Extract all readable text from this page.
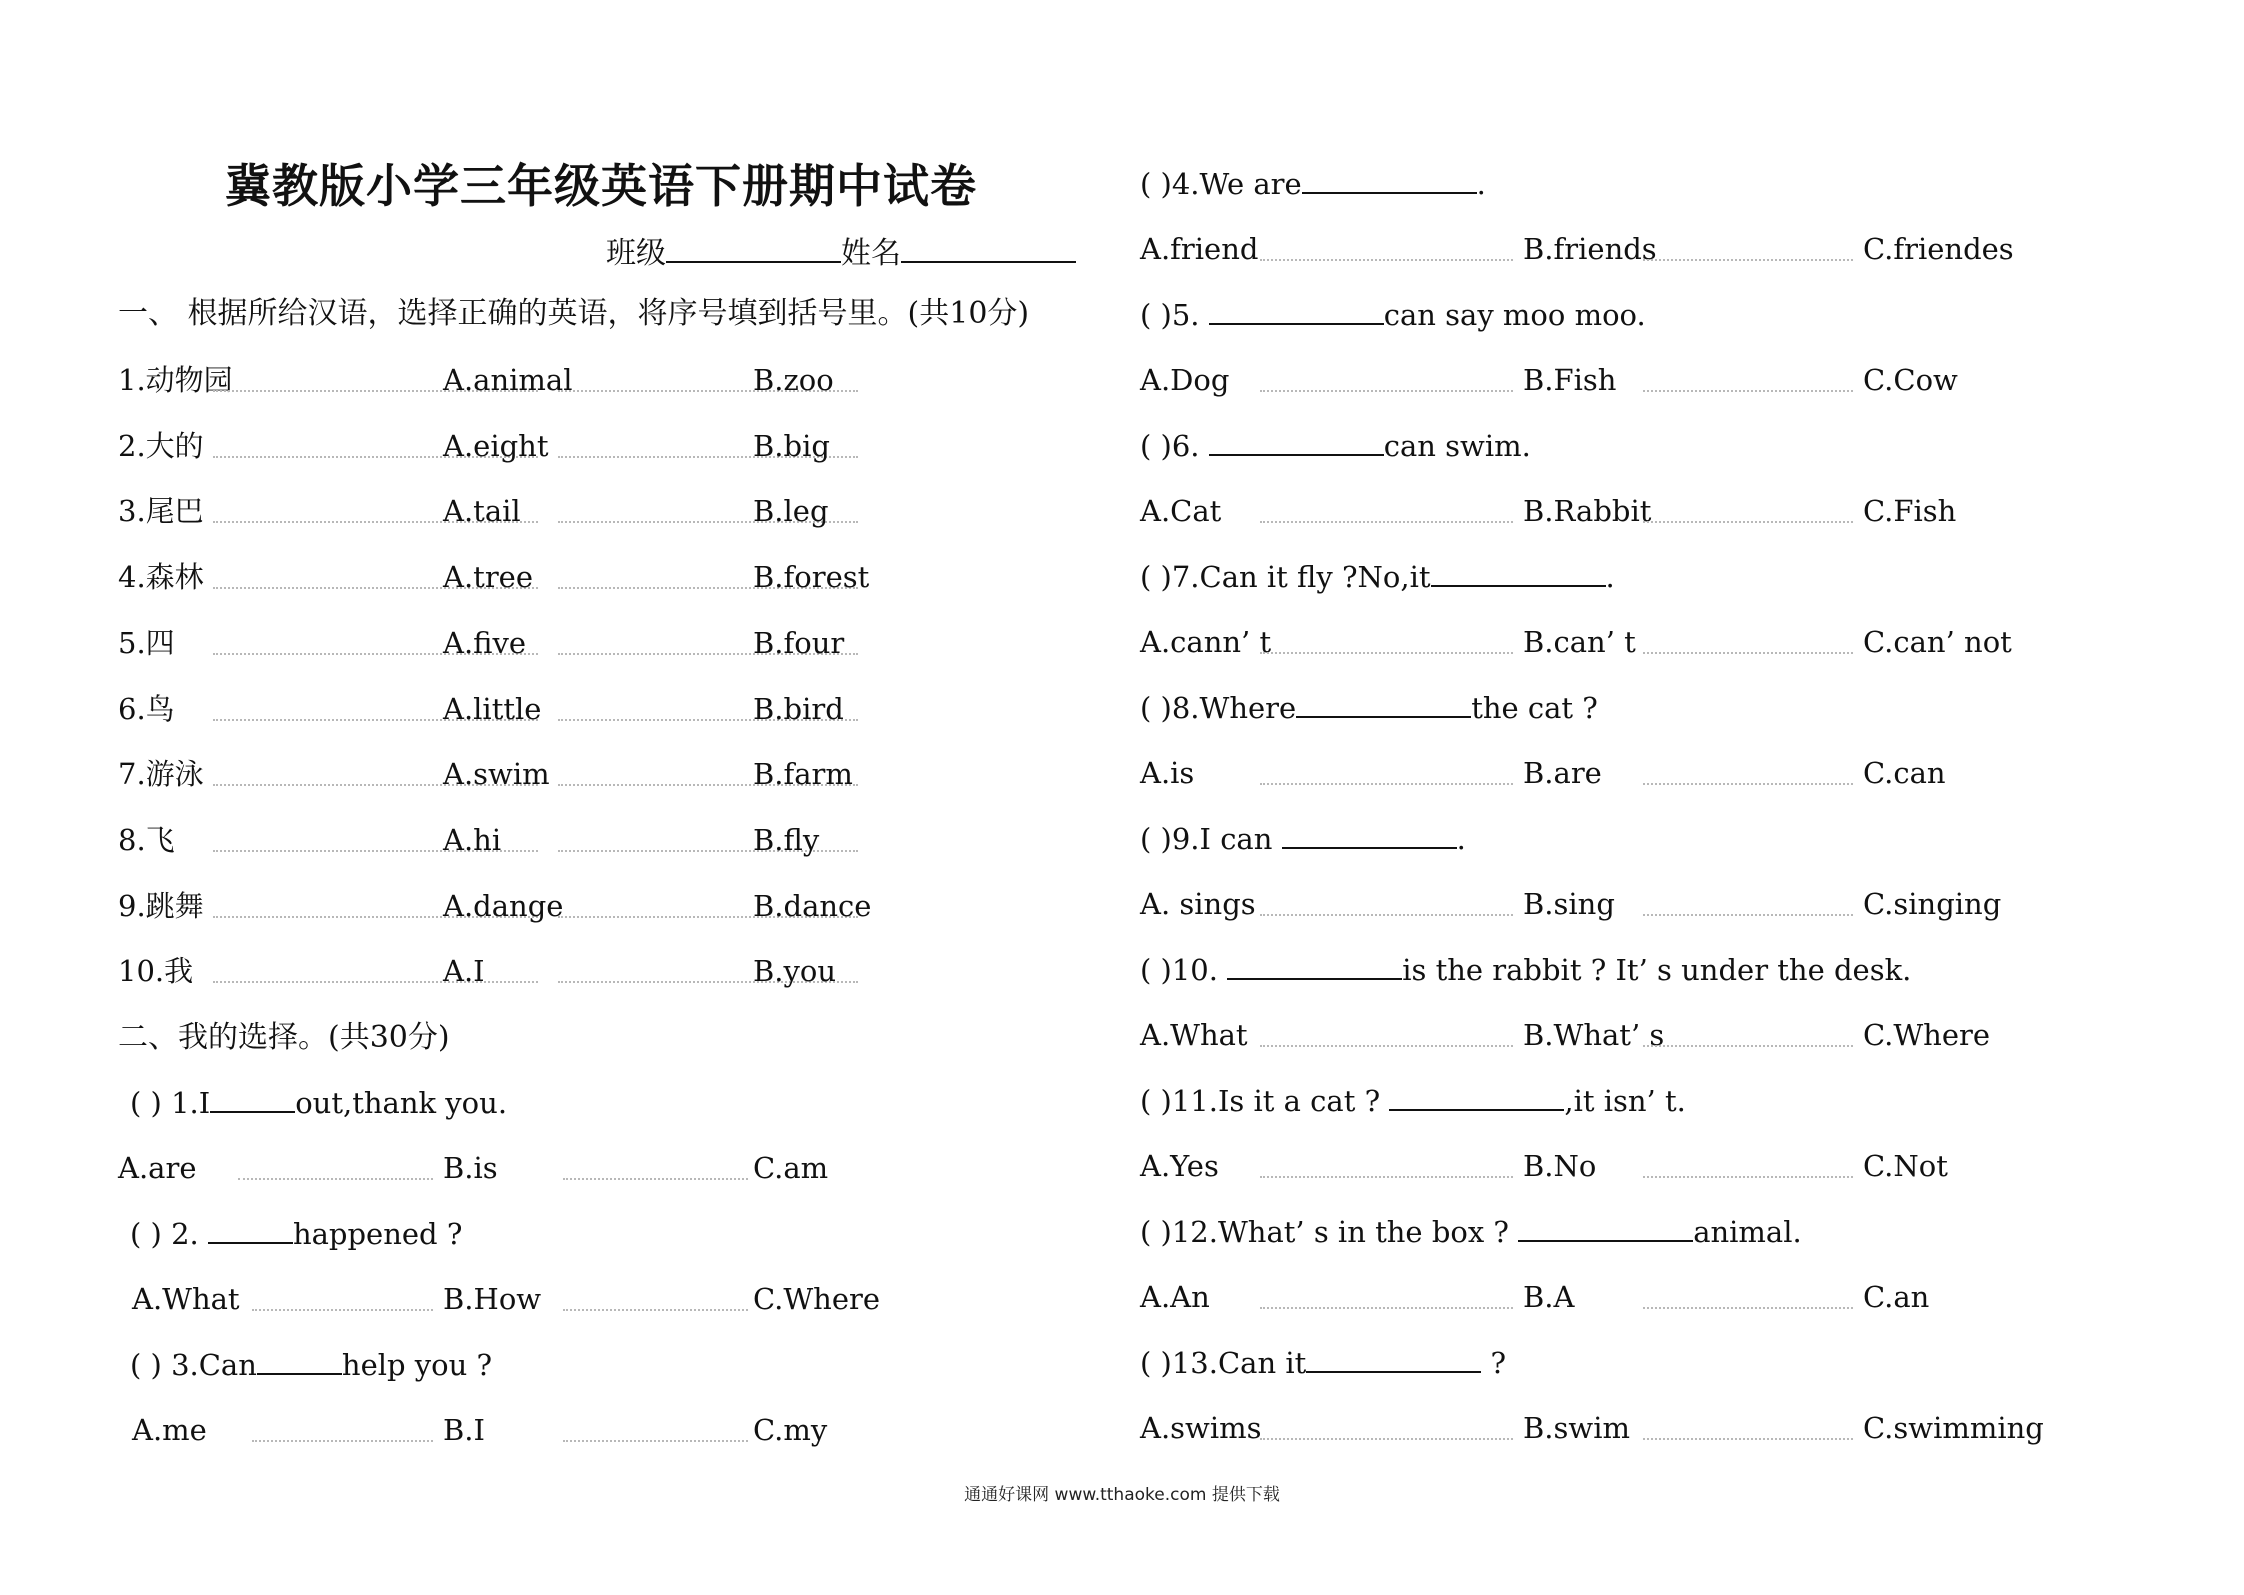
冀教版小学三年级英语下册期中试卷
班级	姓名
一、 根据所给汉语，选择正确的英语，将序号填到括号里。(共10分)
1.动物园	A.animal	B.zoo
2.大的	A.eight	B.big
3.尾巴	A.tail	B.leg
4.森林	A.tree	B.forest
5.四	A.five	B.four
6.鸟	A.little	B.bird
7.游泳	A.swim	B.farm
8.飞	A.hi	B.fly
9.跳舞	A.dange	B.dance
10.我	A.I	B.you
二、我的选择。(共30分)
( ) 1.I	out,thank you.
A.are	B.is	C.am
( ) 2.	happened ?
A.What	B.How	C.Where
( ) 3.Can	help you ?
A.me	B.I	C.my
( )4.We are	.
A.friend	B.friends	C.friendes
( )5.	can say moo moo.
A.Dog	B.Fish	C.Cow
( )6.	can swim.
A.Cat	B.Rabbit	C.Fish
( )7.Can it fly ?No,it	.
A.cann’ t	B.can’ t	C.can’ not
( )8.Where	the cat ?
A.is	B.are	C.can
( )9.I can	.
A. sings	B.sing	C.singing
( )10.	is the rabbit ? It’ s under the desk.
A.What	B.What’ s	C.Where
( )11.Is it a cat ?	,it isn’ t.
A.Yes	B.No	C.Not
( )12.What’ s in the box ?	animal.
A.An	B.A	C.an
( )13.Can it	?
A.swims	B.swim	C.swimming
通通好课网 www.tthaoke.com 提供下载
